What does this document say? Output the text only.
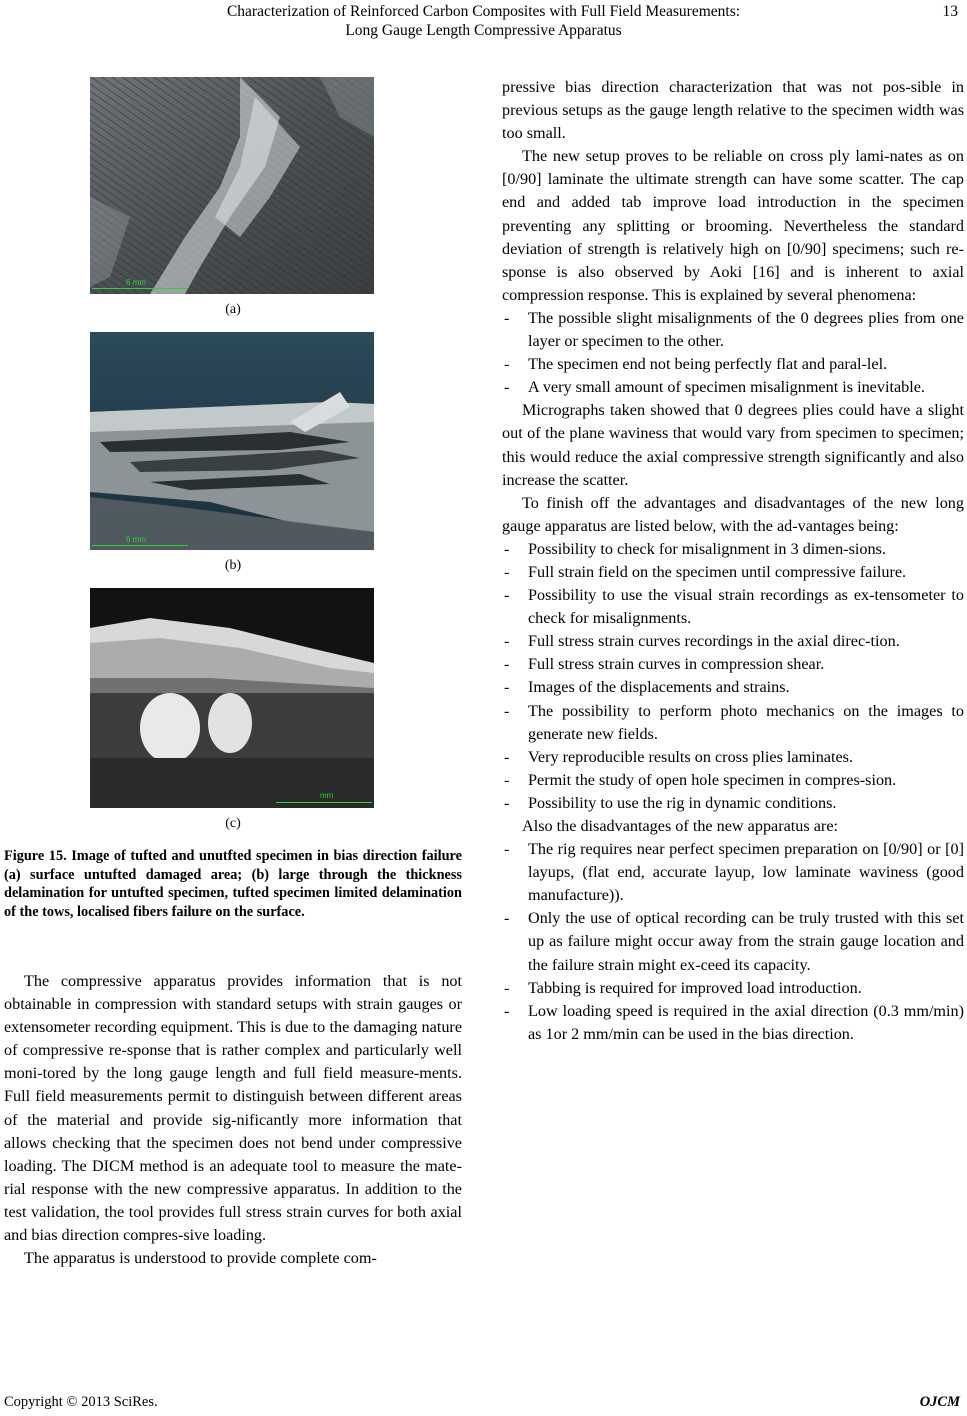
Characterization of Reinforced Carbon Composites with Full Field Measurements:
Long Gauge Length Compressive Apparatus
13
6 mm
(a)
6 mm
(b)
mm
(c)
Figure 15. Image of tufted and unutfted specimen in bias direction failure (a) surface untufted damaged area; (b) large through the thickness delamination for untufted specimen, tufted specimen limited delamination of the tows, localised fibers failure on the surface.

The compressive apparatus provides information that is not obtainable in compression with standard setups with strain gauges or extensometer recording equipment. This is due to the damaging nature of compressive re-sponse that is rather complex and particularly well moni-tored by the long gauge length and full field measure-ments. Full field measurements permit to distinguish between different areas of the material and provide sig-nificantly more information that allows checking that the specimen does not bend under compressive loading. The DICM method is an adequate tool to measure the mate-rial response with the new compressive apparatus. In addition to the test validation, the tool provides full stress strain curves for both axial and bias direction compres-sive loading.

The apparatus is understood to provide complete com-

pressive bias direction characterization that was not pos-sible in previous setups as the gauge length relative to the specimen width was too small.

The new setup proves to be reliable on cross ply lami-nates as on [0/90] laminate the ultimate strength can have some scatter. The cap end and added tab improve load introduction in the specimen preventing any splitting or brooming. Nevertheless the standard deviation of strength is relatively high on [0/90] specimens; such re-sponse is also observed by Aoki [16] and is inherent to axial compression response. This is explained by several phenomena:

- The possible slight misalignments of the 0 degrees plies from one layer or specimen to the other.
- The specimen end not being perfectly flat and paral-lel.
- A very small amount of specimen misalignment is inevitable.

Micrographs taken showed that 0 degrees plies could have a slight out of the plane waviness that would vary from specimen to specimen; this would reduce the axial compressive strength significantly and also increase the scatter.

To finish off the advantages and disadvantages of the new long gauge apparatus are listed below, with the ad-vantages being:

- Possibility to check for misalignment in 3 dimen-sions.
- Full strain field on the specimen until compressive failure.
- Possibility to use the visual strain recordings as ex-tensometer to check for misalignments.
- Full stress strain curves recordings in the axial direc-tion.
- Full stress strain curves in compression shear.
- Images of the displacements and strains.
- The possibility to perform photo mechanics on the images to generate new fields.
- Very reproducible results on cross plies laminates.
- Permit the study of open hole specimen in compres-sion.
- Possibility to use the rig in dynamic conditions.

Also the disadvantages of the new apparatus are:

- The rig requires near perfect specimen preparation on [0/90] or [0] layups, (flat end, accurate layup, low laminate waviness (good manufacture)).
- Only the use of optical recording can be truly trusted with this set up as failure might occur away from the strain gauge location and the failure strain might ex-ceed its capacity.
- Tabbing is required for improved load introduction.
- Low loading speed is required in the axial direction (0.3 mm/min) as 1or 2 mm/min can be used in the bias direction.
Copyright © 2013 SciRes.	OJCM
